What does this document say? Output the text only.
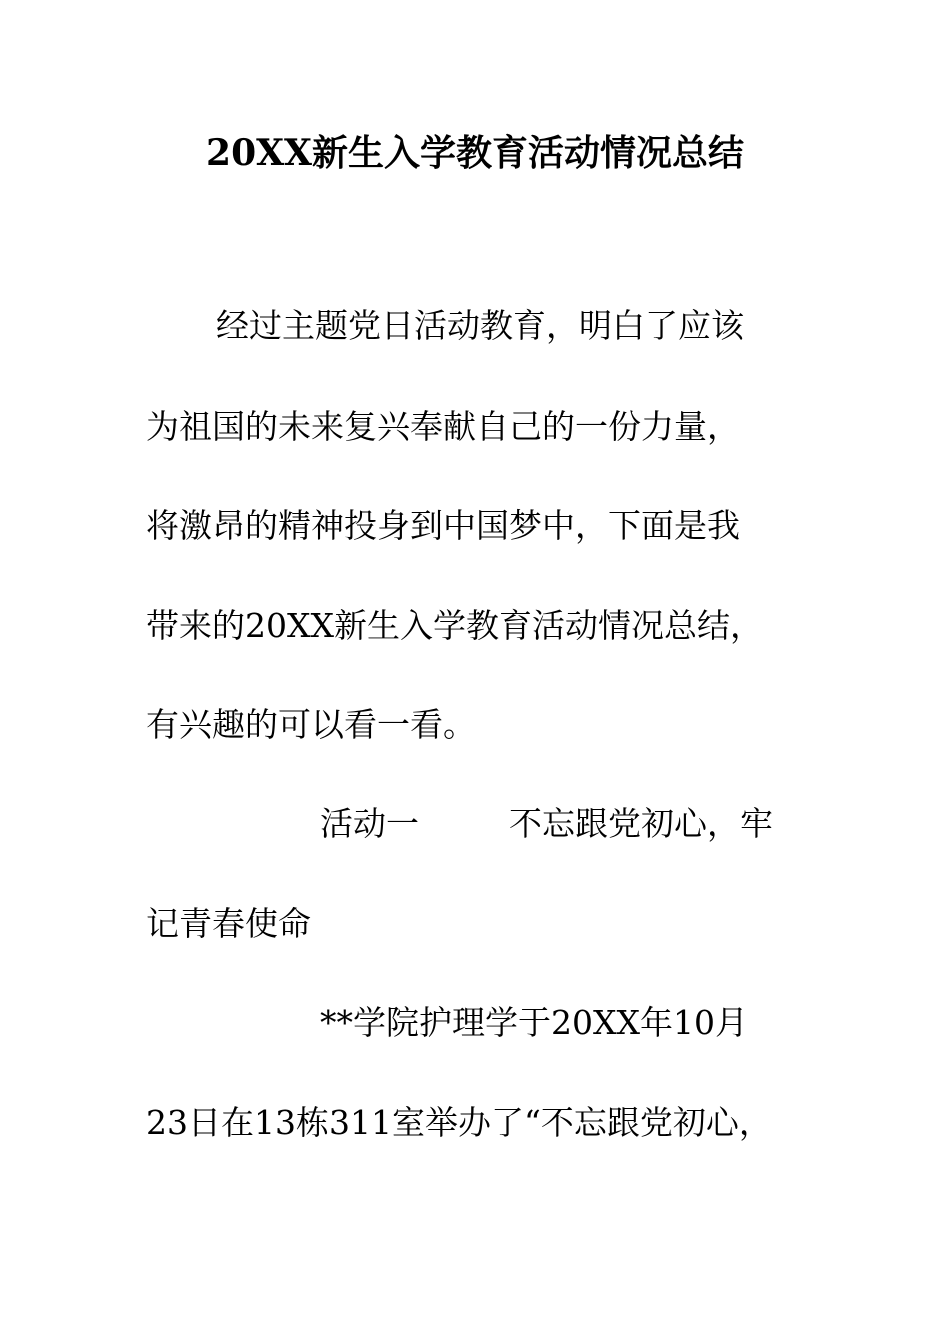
20XX新生入学教育活动情况总结
经过主题党日活动教育，明白了应该
为祖国的未来复兴奉献自己的一份力量，
将激昂的精神投身到中国梦中，下面是我
带来的20XX新生入学教育活动情况总结，
有兴趣的可以看一看。
活动一	不忘跟党初心，牢
记青春使命
**学院护理学于20XX年10月
23日在13栋311室举办了“不忘跟党初心，
